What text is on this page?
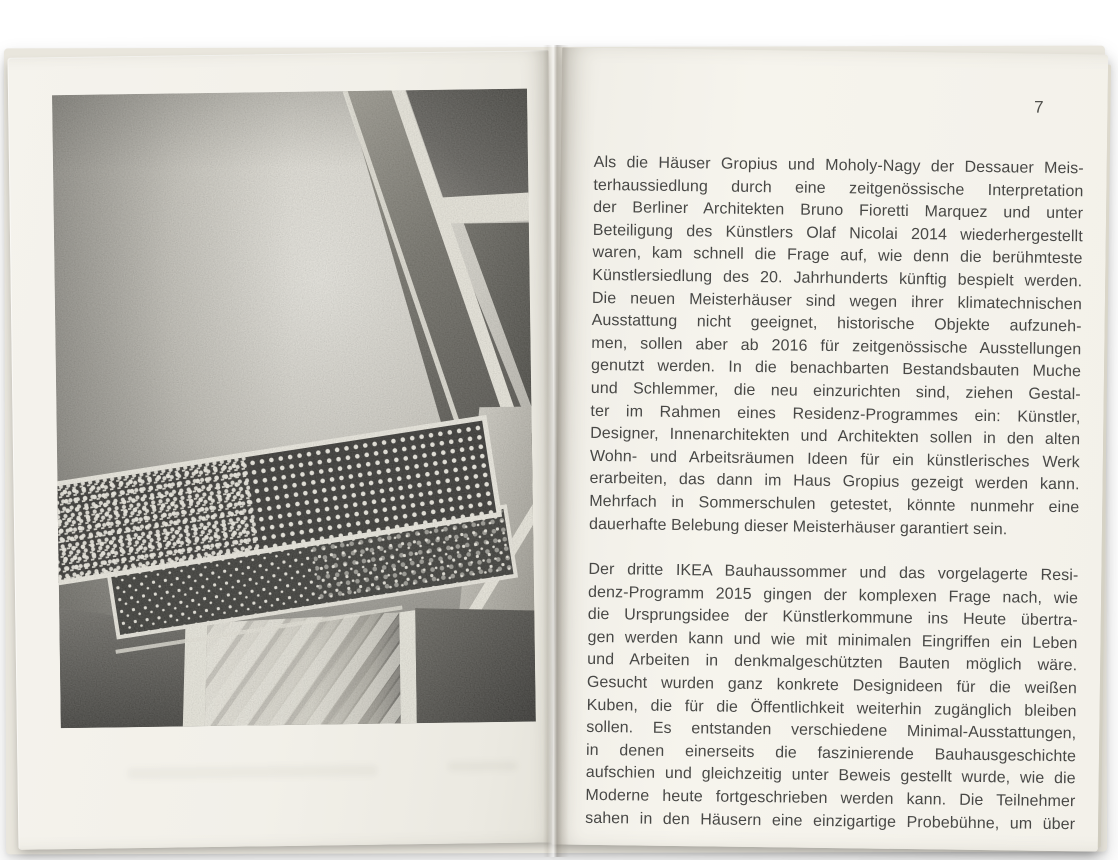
7
Als die Häuser Gropius und Moholy-Nagy der Dessauer Meis-
terhaussiedlung durch eine zeitgenössische Interpretation
der Berliner Architekten Bruno Fioretti Marquez und unter
Beteiligung des Künstlers Olaf Nicolai 2014 wiederhergestellt
waren, kam schnell die Frage auf, wie denn die berühmteste
Künstlersiedlung des 20. Jahrhunderts künftig bespielt werden.
Die neuen Meisterhäuser sind wegen ihrer klimatechnischen
Ausstattung nicht geeignet, historische Objekte aufzuneh-
men, sollen aber ab 2016 für zeitgenössische Ausstellungen
genutzt werden. In die benachbarten Bestandsbauten Muche
und Schlemmer, die neu einzurichten sind, ziehen Gestal-
ter im Rahmen eines Residenz-Programmes ein: Künstler,
Designer, Innenarchitekten und Architekten sollen in den alten
Wohn- und Arbeitsräumen Ideen für ein künstlerisches Werk
erarbeiten, das dann im Haus Gropius gezeigt werden kann.
Mehrfach in Sommerschulen getestet, könnte nunmehr eine
dauerhafte Belebung dieser Meisterhäuser garantiert sein.
Der dritte IKEA Bauhaussommer und das vorgelagerte Resi-
denz-Programm 2015 gingen der komplexen Frage nach, wie
die Ursprungsidee der Künstlerkommune ins Heute übertra-
gen werden kann und wie mit minimalen Eingriffen ein Leben
und Arbeiten in denkmalgeschützten Bauten möglich wäre.
Gesucht wurden ganz konkrete Designideen für die weißen
Kuben, die für die Öffentlichkeit weiterhin zugänglich bleiben
sollen. Es entstanden verschiedene Minimal-Ausstattungen,
in denen einerseits die faszinierende Bauhausgeschichte
aufschien und gleichzeitig unter Beweis gestellt wurde, wie die
Moderne heute fortgeschrieben werden kann. Die Teilnehmer
sahen in den Häusern eine einzigartige Probebühne, um über
